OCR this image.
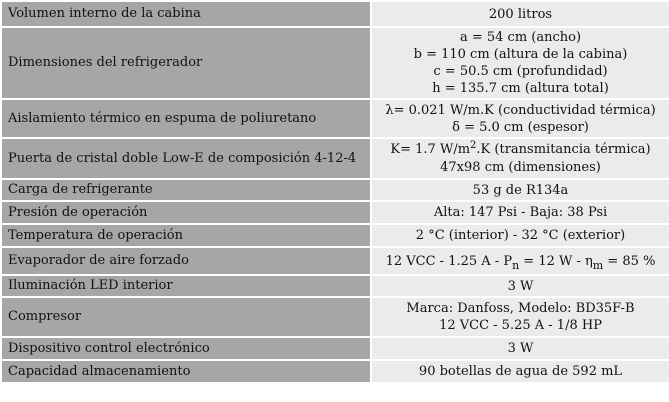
Volumen interno de la cabina	200 litros

Dimensiones del refrigerador	a = 54 cm (ancho)
b = 110 cm (altura de la cabina)
c = 50.5 cm (profundidad)
h = 135.7 cm (altura total)

Aislamiento térmico en espuma de poliuretano	λ= 0.021 W/m.K (conductividad térmica)
δ = 5.0 cm (espesor)

Puerta de cristal doble Low-E de composición 4-12-4	K= 1.7 $W/m^2.K$ (transmitancia térmica)
47x98 cm (dimensiones)

Carga de refrigerante	53 g de R134a

Presión de operación	Alta: 147 Psi - Baja: 38 Psi

Temperatura de operación	2 °C (interior) - 32 °C (exterior)

Evaporador de aire forzado	12 VCC - 1.25 $A - P_n = 12$ $W - \eta_m = 85$ %

Iluminación LED interior	3 W

Compresor	Marca: Danfoss, Modelo: BD35F-B
12 VCC - 5.25 A - 1/8 HP

Dispositivo control electrónico	3 W

Capacidad almacenamiento	90 botellas de agua de 592 mL
